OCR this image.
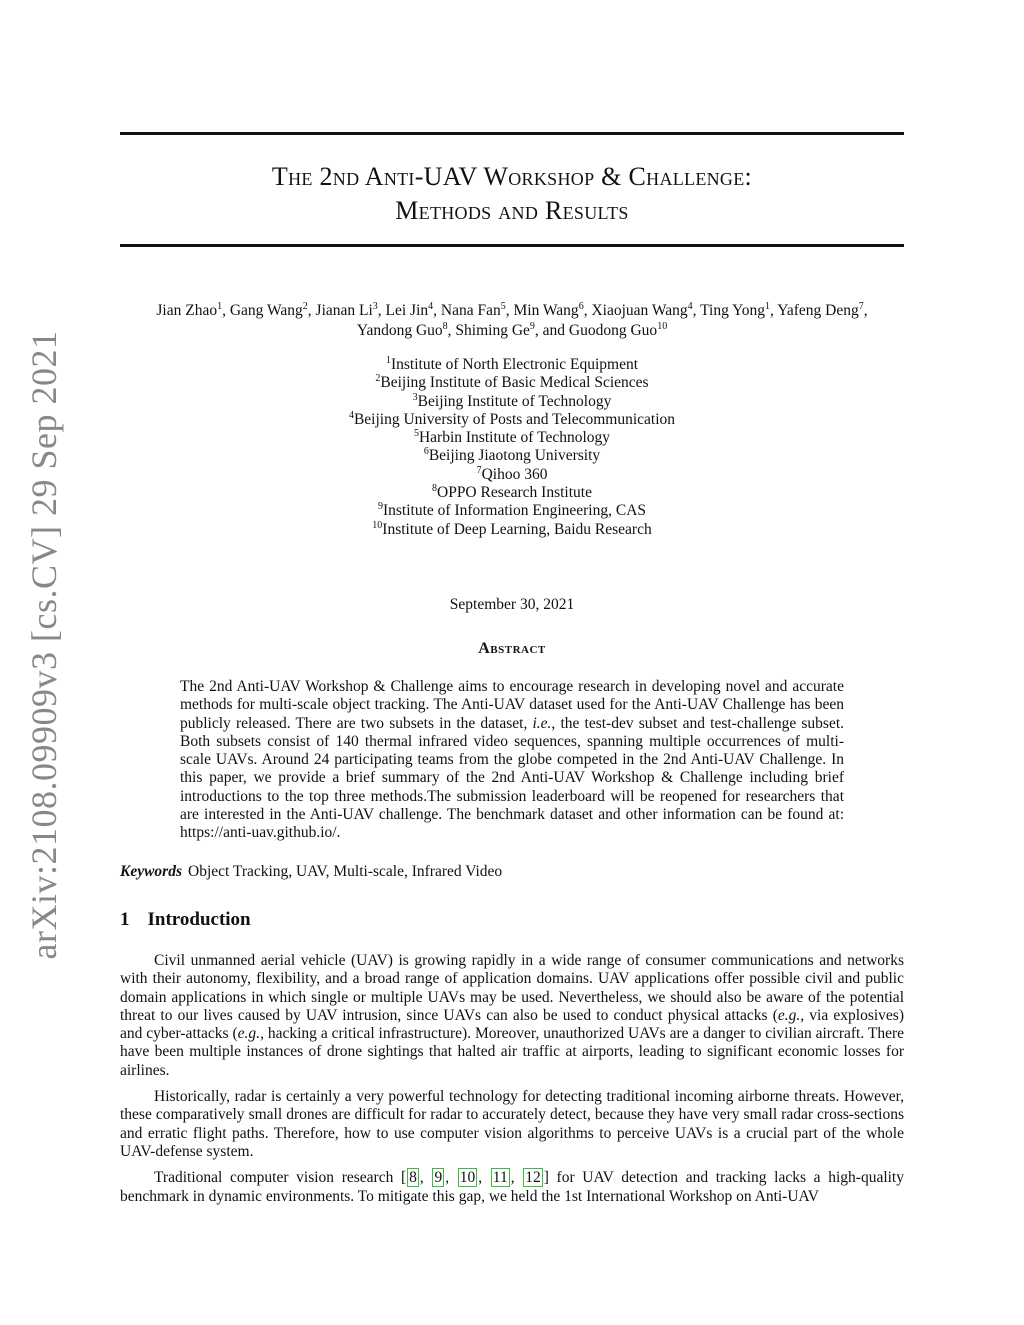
arXiv:2108.09909v3 [cs.CV] 29 Sep 2021
The 2nd Anti-UAV Workshop & Challenge:
Methods and Results
Jian Zhao$^1$, Gang Wang$^2$, Jianan Li$^3$, Lei Jin$^4$, Nana Fan$^5$, Min Wang$^6$, Xiaojuan Wang$^4$, Ting Yong$^1$, Yafeng Deng$^7$,
Yandong Guo$^8$, Shiming Ge$^9$, and Guodong Guo$^{10}$
$^1$Institute of North Electronic Equipment
$^2$Beijing Institute of Basic Medical Sciences
$^3$Beijing Institute of Technology
$^4$Beijing University of Posts and Telecommunication
$^5$Harbin Institute of Technology
$^6$Beijing Jiaotong University
$^7$Qihoo 360
$^8$OPPO Research Institute
$^9$Institute of Information Engineering, CAS
$^{10}$Institute of Deep Learning, Baidu Research
September 30, 2021
Abstract
The 2nd Anti-UAV Workshop & Challenge aims to encourage research in developing novel and accurate methods for multi-scale object tracking. The Anti-UAV dataset used for the Anti-UAV Challenge has been publicly released. There are two subsets in the dataset, i.e., the test-dev subset and test-challenge subset. Both subsets consist of 140 thermal infrared video sequences, spanning multiple occurrences of multi-scale UAVs. Around 24 participating teams from the globe competed in the 2nd Anti-UAV Challenge. In this paper, we provide a brief summary of the 2nd Anti-UAV Workshop & Challenge including brief introductions to the top three methods.The submission leaderboard will be reopened for researchers that are interested in the Anti-UAV challenge. The benchmark dataset and other information can be found at: https://anti-uav.github.io/.
Keywords Object Tracking, UAV, Multi-scale, Infrared Video
1 Introduction

Civil unmanned aerial vehicle (UAV) is growing rapidly in a wide range of consumer communications and networks with their autonomy, flexibility, and a broad range of application domains. UAV applications offer possible civil and public domain applications in which single or multiple UAVs may be used. Nevertheless, we should also be aware of the potential threat to our lives caused by UAV intrusion, since UAVs can also be used to conduct physical attacks (e.g., via explosives) and cyber-attacks (e.g., hacking a critical infrastructure). Moreover, unauthorized UAVs are a danger to civilian aircraft. There have been multiple instances of drone sightings that halted air traffic at airports, leading to significant economic losses for airlines.

Historically, radar is certainly a very powerful technology for detecting traditional incoming airborne threats. However, these comparatively small drones are difficult for radar to accurately detect, because they have very small radar cross-sections and erratic flight paths. Therefore, how to use computer vision algorithms to perceive UAVs is a crucial part of the whole UAV-defense system.

Traditional computer vision research [ 8 , 9 , 10 , 11 , 12 ] for UAV detection and tracking lacks a high-quality benchmark in dynamic environments. To mitigate this gap, we held the 1st International Workshop on Anti-UAV
